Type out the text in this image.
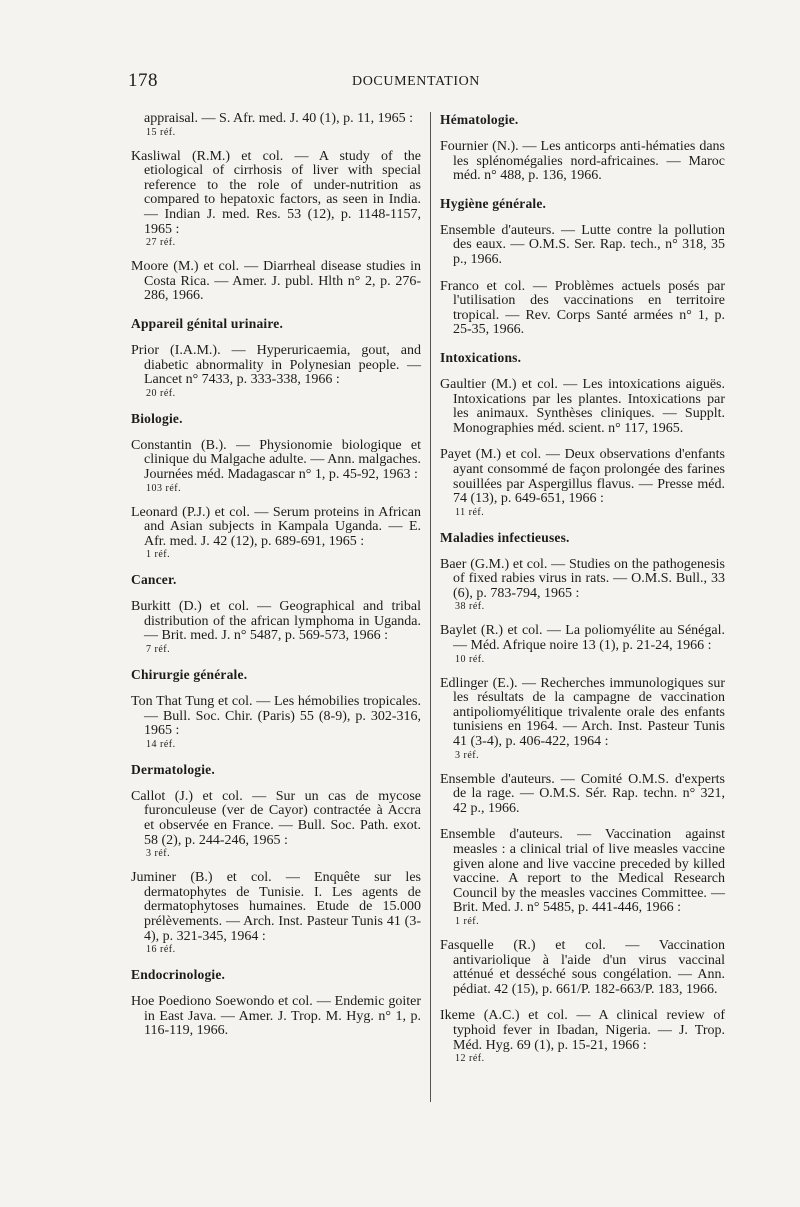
178	DOCUMENTATION
appraisal. — S. Afr. med. J. 40 (1), p. 11, 1965 :
15 réf.
Kasliwal (R.M.) et col. — A study of the etiological of cirrhosis of liver with special reference to the role of under-nutrition as compared to hepatoxic factors, as seen in India. — Indian J. med. Res. 53 (12), p. 1148-1157, 1965 :
27 réf.
Moore (M.) et col. — Diarrheal disease studies in Costa Rica. — Amer. J. publ. Hlth n° 2, p. 276-286, 1966.
Appareil génital urinaire.
Prior (I.A.M.). — Hyperuricaemia, gout, and diabetic abnormality in Polynesian people. — Lancet n° 7433, p. 333-338, 1966 :
20 réf.
Biologie.
Constantin (B.). — Physionomie biologique et clinique du Malgache adulte. — Ann. malgaches. Journées méd. Madagascar n° 1, p. 45-92, 1963 :
103 réf.
Leonard (P.J.) et col. — Serum proteins in African and Asian subjects in Kampala Uganda. — E. Afr. med. J. 42 (12), p. 689-691, 1965 :
1 réf.
Cancer.
Burkitt (D.) et col. — Geographical and tribal distribution of the african lymphoma in Uganda. — Brit. med. J. n° 5487, p. 569-573, 1966 :
7 réf.
Chirurgie générale.
Ton That Tung et col. — Les hémobilies tropicales. — Bull. Soc. Chir. (Paris) 55 (8-9), p. 302-316, 1965 :
14 réf.
Dermatologie.
Callot (J.) et col. — Sur un cas de mycose furonculeuse (ver de Cayor) contractée à Accra et observée en France. — Bull. Soc. Path. exot. 58 (2), p. 244-246, 1965 :
3 réf.
Juminer (B.) et col. — Enquête sur les dermatophytes de Tunisie. I. Les agents de dermatophytoses humaines. Etude de 15.000 prélèvements. — Arch. Inst. Pasteur Tunis 41 (3-4), p. 321-345, 1964 :
16 réf.
Endocrinologie.
Hoe Poediono Soewondo et col. — Endemic goiter in East Java. — Amer. J. Trop. M. Hyg. n° 1, p. 116-119, 1966.
Hématologie.
Fournier (N.). — Les anticorps anti-hématies dans les splénomégalies nord-africaines. — Maroc méd. n° 488, p. 136, 1966.
Hygiène générale.
Ensemble d'auteurs. — Lutte contre la pollution des eaux. — O.M.S. Ser. Rap. tech., n° 318, 35 p., 1966.
Franco et col. — Problèmes actuels posés par l'utilisation des vaccinations en territoire tropical. — Rev. Corps Santé armées n° 1, p. 25-35, 1966.
Intoxications.
Gaultier (M.) et col. — Les intoxications aiguës. Intoxications par les plantes. Intoxications par les animaux. Synthèses cliniques. — Supplt. Monographies méd. scient. n° 117, 1965.
Payet (M.) et col. — Deux observations d'enfants ayant consommé de façon prolongée des farines souillées par Aspergillus flavus. — Presse méd. 74 (13), p. 649-651, 1966 :
11 réf.
Maladies infectieuses.
Baer (G.M.) et col. — Studies on the pathogenesis of fixed rabies virus in rats. — O.M.S. Bull., 33 (6), p. 783-794, 1965 :
38 réf.
Baylet (R.) et col. — La poliomyélite au Sénégal. — Méd. Afrique noire 13 (1), p. 21-24, 1966 :
10 réf.
Edlinger (E.). — Recherches immunologiques sur les résultats de la campagne de vaccination antipoliomyélitique trivalente orale des enfants tunisiens en 1964. — Arch. Inst. Pasteur Tunis 41 (3-4), p. 406-422, 1964 :
3 réf.
Ensemble d'auteurs. — Comité O.M.S. d'experts de la rage. — O.M.S. Sér. Rap. techn. n° 321, 42 p., 1966.
Ensemble d'auteurs. — Vaccination against measles : a clinical trial of live measles vaccine given alone and live vaccine preceded by killed vaccine. A report to the Medical Research Council by the measles vaccines Committee. — Brit. Med. J. n° 5485, p. 441-446, 1966 :
1 réf.
Fasquelle (R.) et col. — Vaccination antivariolique à l'aide d'un virus vaccinal atténué et desséché sous congélation. — Ann. pédiat. 42 (15), p. 661/P. 182-663/P. 183, 1966.
Ikeme (A.C.) et col. — A clinical review of typhoid fever in Ibadan, Nigeria. — J. Trop. Méd. Hyg. 69 (1), p. 15-21, 1966 :
12 réf.
